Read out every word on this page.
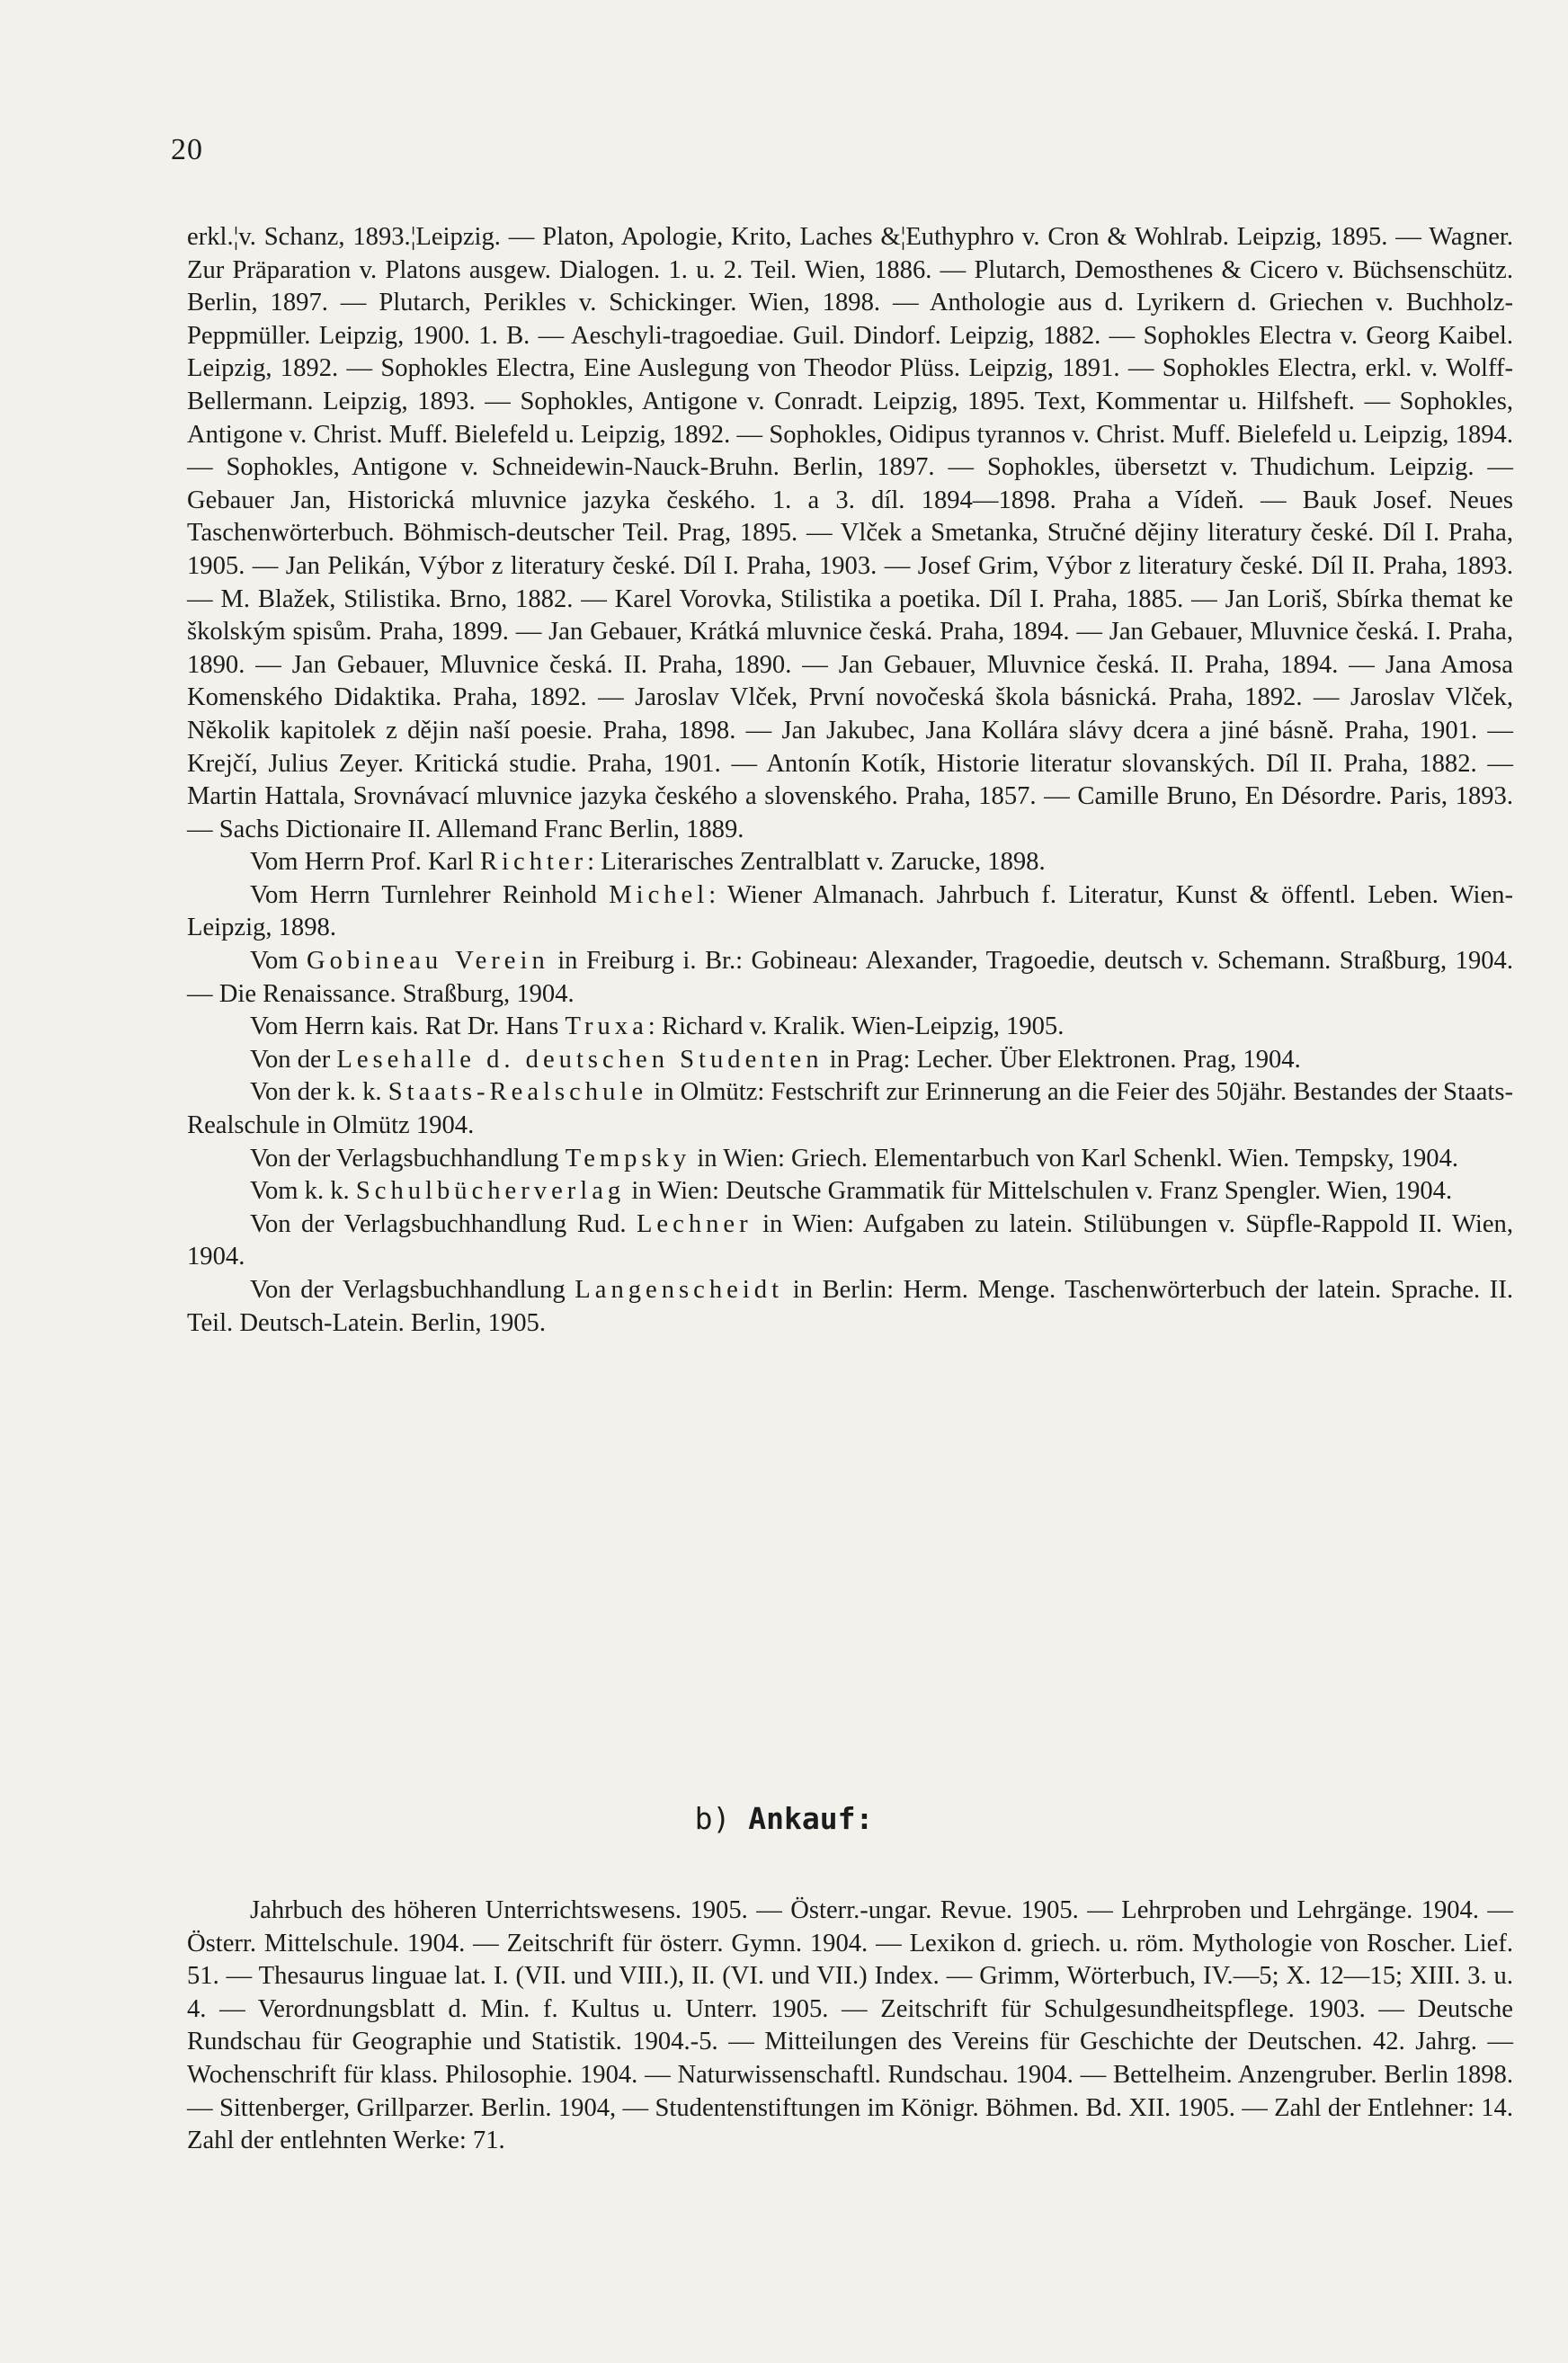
20

erkl.¦v. Schanz, 1893.¦Leipzig. — Platon, Apologie, Krito, Laches &¦Euthyphro v. Cron & Wohlrab. Leipzig, 1895. — Wagner. Zur Präparation v. Platons ausgew. Dialogen. 1. u. 2. Teil. Wien, 1886. — Plutarch, Demosthenes & Cicero v. Büchsenschütz. Berlin, 1897. — Plutarch, Perikles v. Schickinger. Wien, 1898. — Anthologie aus d. Lyrikern d. Griechen v. Buchholz-Peppmüller. Leipzig, 1900. 1. B. — Aeschyli-tragoediae. Guil. Dindorf. Leipzig, 1882. — Sophokles Electra v. Georg Kaibel. Leipzig, 1892. — Sophokles Electra, Eine Auslegung von Theodor Plüss. Leipzig, 1891. — Sophokles Electra, erkl. v. Wolff-Bellermann. Leipzig, 1893. — Sophokles, Antigone v. Conradt. Leipzig, 1895. Text, Kommentar u. Hilfsheft. — Sophokles, Antigone v. Christ. Muff. Bielefeld u. Leipzig, 1892. — Sophokles, Oidipus tyrannos v. Christ. Muff. Bielefeld u. Leipzig, 1894. — Sophokles, Antigone v. Schneidewin-Nauck-Bruhn. Berlin, 1897. — Sophokles, übersetzt v. Thudichum. Leipzig. — Gebauer Jan, Historická mluvnice jazyka českého. 1. a 3. díl. 1894—1898. Praha a Vídeň. — Bauk Josef. Neues Taschenwörterbuch. Böhmisch-deutscher Teil. Prag, 1895. — Vlček a Smetanka, Stručné dějiny literatury české. Díl I. Praha, 1905. — Jan Pelikán, Výbor z literatury české. Díl I. Praha, 1903. — Josef Grim, Výbor z literatury české. Díl II. Praha, 1893. — M. Blažek, Stilistika. Brno, 1882. — Karel Vorovka, Stilistika a poetika. Díl I. Praha, 1885. — Jan Loriš, Sbírka themat ke školským spisům. Praha, 1899. — Jan Gebauer, Krátká mluvnice česká. Praha, 1894. — Jan Gebauer, Mluvnice česká. I. Praha, 1890. — Jan Gebauer, Mluvnice česká. II. Praha, 1890. — Jan Gebauer, Mluvnice česká. II. Praha, 1894. — Jana Amosa Komenského Didaktika. Praha, 1892. — Jaroslav Vlček, První novočeská škola básnická. Praha, 1892. — Jaroslav Vlček, Několik kapitolek z dějin naší poesie. Praha, 1898. — Jan Jakubec, Jana Kollára slávy dcera a jiné básně. Praha, 1901. — Krejčí, Julius Zeyer. Kritická studie. Praha, 1901. — Antonín Kotík, Historie literatur slovanských. Díl II. Praha, 1882. — Martin Hattala, Srovnávací mluvnice jazyka českého a slovenského. Praha, 1857. — Camille Bruno, En Désordre. Paris, 1893. — Sachs Dictionaire II. Allemand Franc Berlin, 1889.

Vom Herrn Prof. Karl Richter: Literarisches Zentralblatt v. Zarucke, 1898.

Vom Herrn Turnlehrer Reinhold Michel: Wiener Almanach. Jahrbuch f. Literatur, Kunst & öffentl. Leben. Wien-Leipzig, 1898.

Vom Gobineau Verein in Freiburg i. Br.: Gobineau: Alexander, Tragoedie, deutsch v. Schemann. Straßburg, 1904. — Die Renaissance. Straßburg, 1904.

Vom Herrn kais. Rat Dr. Hans Truxa: Richard v. Kralik. Wien-Leipzig, 1905.

Von der Lesehalle d. deutschen Studenten in Prag: Lecher. Über Elektronen. Prag, 1904.

Von der k. k. Staats-Realschule in Olmütz: Festschrift zur Erinnerung an die Feier des 50jähr. Bestandes der Staats-Realschule in Olmütz 1904.

Von der Verlagsbuchhandlung Tempsky in Wien: Griech. Elementarbuch von Karl Schenkl. Wien. Tempsky, 1904.

Vom k. k. Schulbücherverlag in Wien: Deutsche Grammatik für Mittelschulen v. Franz Spengler. Wien, 1904.

Von der Verlagsbuchhandlung Rud. Lechner in Wien: Aufgaben zu latein. Stilübungen v. Süpfle-Rappold II. Wien, 1904.

Von der Verlagsbuchhandlung Langenscheidt in Berlin: Herm. Menge. Taschenwörterbuch der latein. Sprache. II. Teil. Deutsch-Latein. Berlin, 1905.

b) Ankauf:

Jahrbuch des höheren Unterrichtswesens. 1905. — Österr.-ungar. Revue. 1905. — Lehrproben und Lehrgänge. 1904. — Österr. Mittelschule. 1904. — Zeitschrift für österr. Gymn. 1904. — Lexikon d. griech. u. röm. Mythologie von Roscher. Lief. 51. — Thesaurus linguae lat. I. (VII. und VIII.), II. (VI. und VII.) Index. — Grimm, Wörterbuch, IV.—5; X. 12—15; XIII. 3. u. 4. — Verordnungsblatt d. Min. f. Kultus u. Unterr. 1905. — Zeitschrift für Schulgesundheitspflege. 1903. — Deutsche Rundschau für Geographie und Statistik. 1904.-5. — Mitteilungen des Vereins für Geschichte der Deutschen. 42. Jahrg. — Wochenschrift für klass. Philosophie. 1904. — Naturwissenschaftl. Rundschau. 1904. — Bettelheim. Anzengruber. Berlin 1898. — Sittenberger, Grillparzer. Berlin. 1904, — Studentenstiftungen im Königr. Böhmen. Bd. XII. 1905. — Zahl der Entlehner: 14. Zahl der entlehnten Werke: 71.
